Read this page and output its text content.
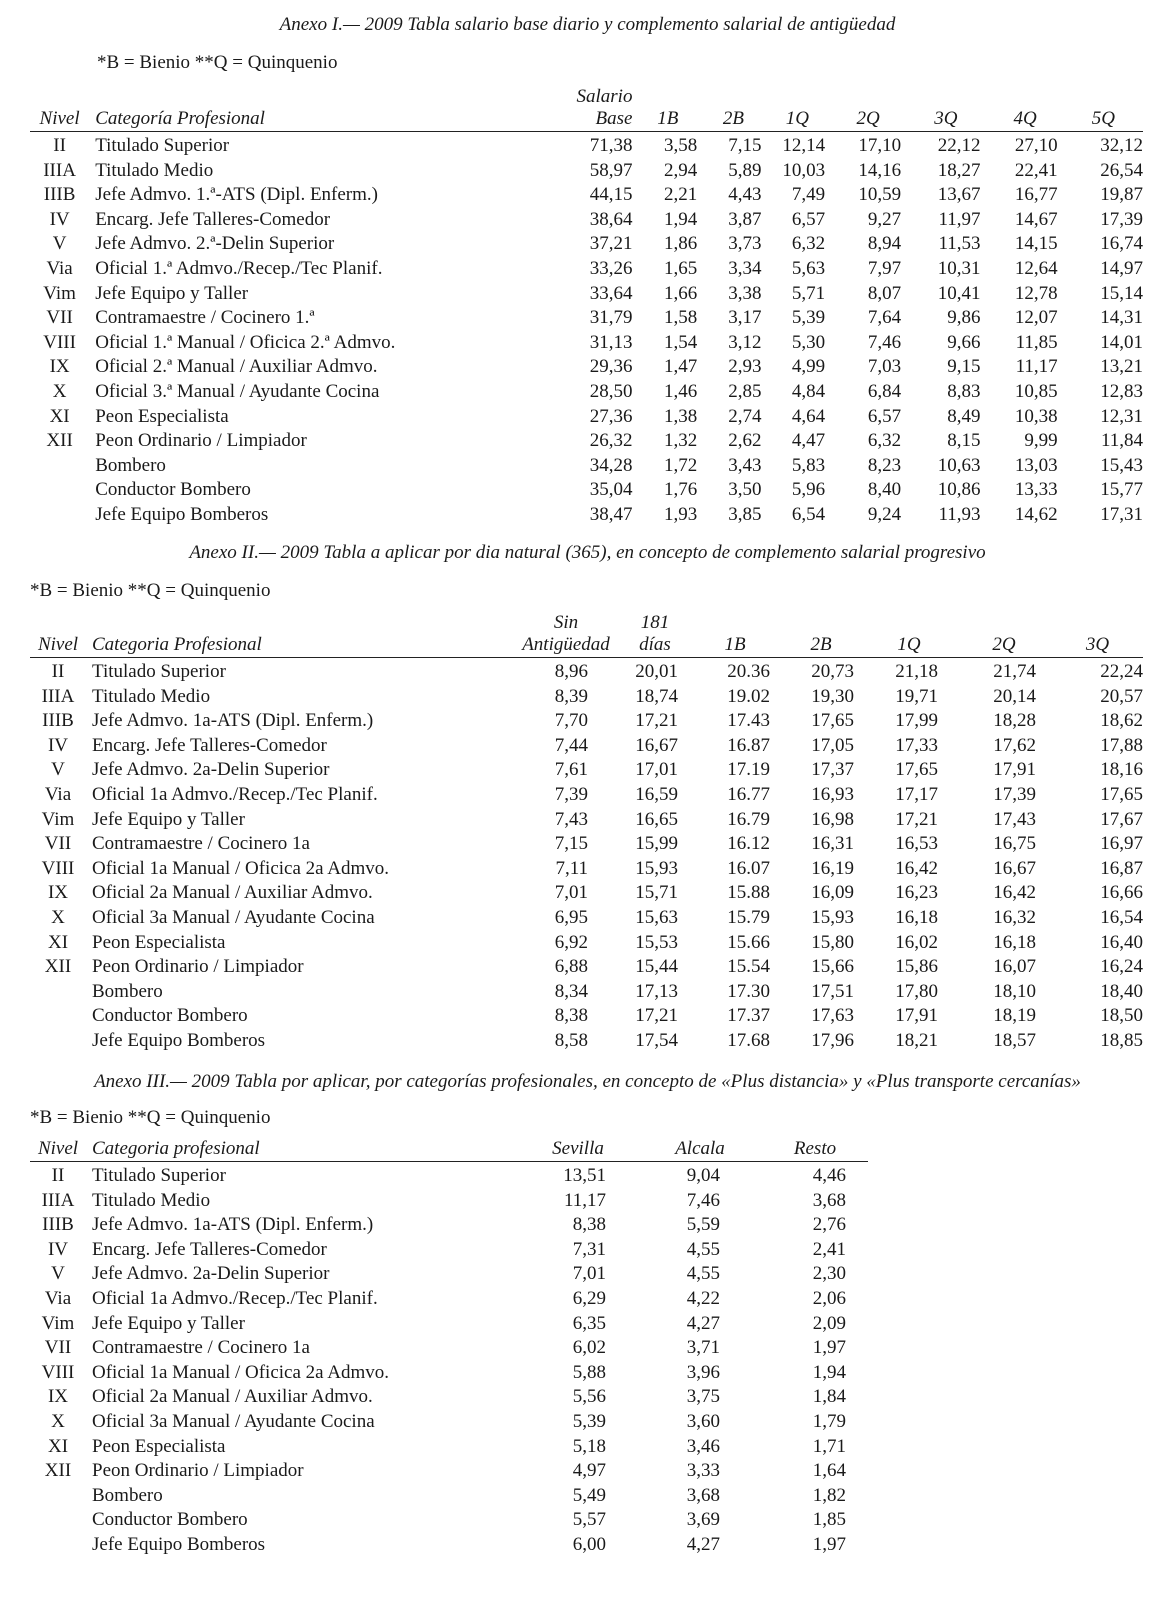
Anexo I.— 2009 Tabla salario base diario y complemento salarial de antigüedad
*B = Bienio **Q = Quinquenio
		Salario							
Nivel	Categoría Profesional	Base	1B	2B	1Q	2Q	3Q	4Q	5Q
II	Titulado Superior	71,38	3,58	7,15	12,14	17,10	22,12	27,10	32,12
IIIA	Titulado Medio	58,97	2,94	5,89	10,03	14,16	18,27	22,41	26,54
IIIB	Jefe Admvo. 1.ª-ATS (Dipl. Enferm.)	44,15	2,21	4,43	7,49	10,59	13,67	16,77	19,87
IV	Encarg. Jefe Talleres-Comedor	38,64	1,94	3,87	6,57	9,27	11,97	14,67	17,39
V	Jefe Admvo. 2.ª-Delin Superior	37,21	1,86	3,73	6,32	8,94	11,53	14,15	16,74
Via	Oficial 1.ª Admvo./Recep./Tec Planif.	33,26	1,65	3,34	5,63	7,97	10,31	12,64	14,97
Vim	Jefe Equipo y Taller	33,64	1,66	3,38	5,71	8,07	10,41	12,78	15,14
VII	Contramaestre / Cocinero 1.ª	31,79	1,58	3,17	5,39	7,64	9,86	12,07	14,31
VIII	Oficial 1.ª Manual / Oficica 2.ª Admvo.	31,13	1,54	3,12	5,30	7,46	9,66	11,85	14,01
IX	Oficial 2.ª Manual / Auxiliar Admvo.	29,36	1,47	2,93	4,99	7,03	9,15	11,17	13,21
X	Oficial 3.ª Manual / Ayudante Cocina	28,50	1,46	2,85	4,84	6,84	8,83	10,85	12,83
XI	Peon Especialista	27,36	1,38	2,74	4,64	6,57	8,49	10,38	12,31
XII	Peon Ordinario / Limpiador	26,32	1,32	2,62	4,47	6,32	8,15	9,99	11,84
	Bombero	34,28	1,72	3,43	5,83	8,23	10,63	13,03	15,43
	Conductor Bombero	35,04	1,76	3,50	5,96	8,40	10,86	13,33	15,77
	Jefe Equipo Bomberos	38,47	1,93	3,85	6,54	9,24	11,93	14,62	17,31
Anexo II.— 2009 Tabla a aplicar por dia natural (365), en concepto de complemento salarial progresivo
*B = Bienio **Q = Quinquenio
		Sin	181					
Nivel	Categoria Profesional	Antigüedad	días	1B	2B	1Q	2Q	3Q
II	Titulado Superior	8,96	20,01	20.36	20,73	21,18	21,74	22,24
IIIA	Titulado Medio	8,39	18,74	19.02	19,30	19,71	20,14	20,57
IIIB	Jefe Admvo. 1a-ATS (Dipl. Enferm.)	7,70	17,21	17.43	17,65	17,99	18,28	18,62
IV	Encarg. Jefe Talleres-Comedor	7,44	16,67	16.87	17,05	17,33	17,62	17,88
V	Jefe Admvo. 2a-Delin Superior	7,61	17,01	17.19	17,37	17,65	17,91	18,16
Via	Oficial 1a Admvo./Recep./Tec Planif.	7,39	16,59	16.77	16,93	17,17	17,39	17,65
Vim	Jefe Equipo y Taller	7,43	16,65	16.79	16,98	17,21	17,43	17,67
VII	Contramaestre / Cocinero 1a	7,15	15,99	16.12	16,31	16,53	16,75	16,97
VIII	Oficial 1a Manual / Oficica 2a Admvo.	7,11	15,93	16.07	16,19	16,42	16,67	16,87
IX	Oficial 2a Manual / Auxiliar Admvo.	7,01	15,71	15.88	16,09	16,23	16,42	16,66
X	Oficial 3a Manual / Ayudante Cocina	6,95	15,63	15.79	15,93	16,18	16,32	16,54
XI	Peon Especialista	6,92	15,53	15.66	15,80	16,02	16,18	16,40
XII	Peon Ordinario / Limpiador	6,88	15,44	15.54	15,66	15,86	16,07	16,24
	Bombero	8,34	17,13	17.30	17,51	17,80	18,10	18,40
	Conductor Bombero	8,38	17,21	17.37	17,63	17,91	18,19	18,50
	Jefe Equipo Bomberos	8,58	17,54	17.68	17,96	18,21	18,57	18,85
Anexo III.— 2009 Tabla por aplicar, por categorías profesionales, en concepto de «Plus distancia» y «Plus transporte cercanías»
*B = Bienio **Q = Quinquenio
Nivel	Categoria profesional	Sevilla	Alcala	Resto
II	Titulado Superior	13,51	9,04	4,46
IIIA	Titulado Medio	11,17	7,46	3,68
IIIB	Jefe Admvo. 1a-ATS (Dipl. Enferm.)	8,38	5,59	2,76
IV	Encarg. Jefe Talleres-Comedor	7,31	4,55	2,41
V	Jefe Admvo. 2a-Delin Superior	7,01	4,55	2,30
Via	Oficial 1a Admvo./Recep./Tec Planif.	6,29	4,22	2,06
Vim	Jefe Equipo y Taller	6,35	4,27	2,09
VII	Contramaestre / Cocinero 1a	6,02	3,71	1,97
VIII	Oficial 1a Manual / Oficica 2a Admvo.	5,88	3,96	1,94
IX	Oficial 2a Manual / Auxiliar Admvo.	5,56	3,75	1,84
X	Oficial 3a Manual / Ayudante Cocina	5,39	3,60	1,79
XI	Peon Especialista	5,18	3,46	1,71
XII	Peon Ordinario / Limpiador	4,97	3,33	1,64
	Bombero	5,49	3,68	1,82
	Conductor Bombero	5,57	3,69	1,85
	Jefe Equipo Bomberos	6,00	4,27	1,97
